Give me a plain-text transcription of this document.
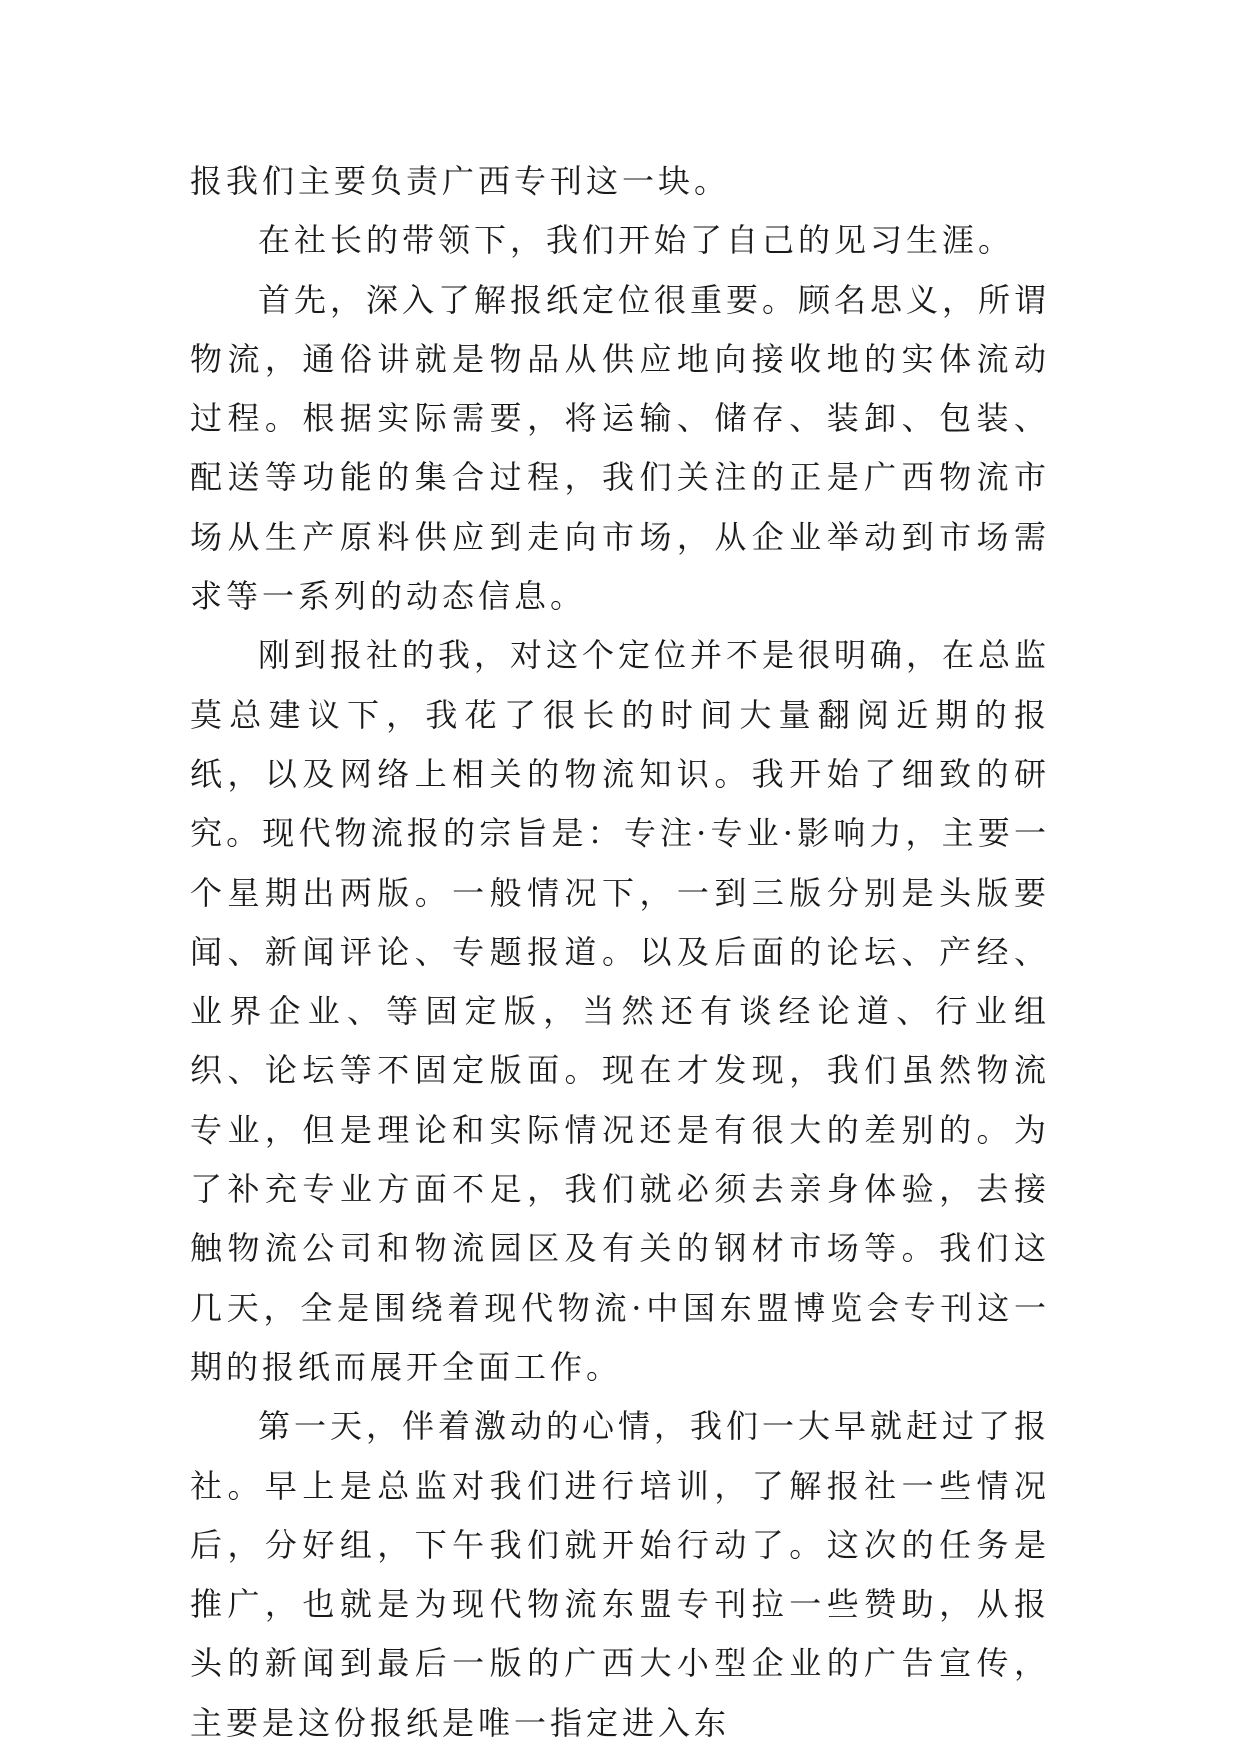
报我们主要负责广西专刊这一块。

在社长的带领下，我们开始了自己的见习生涯。

首先，深入了解报纸定位很重要。顾名思义，所谓物流，通俗讲就是物品从供应地向接收地的实体流动过程。根据实际需要，将运输、储存、装卸、包装、配送等功能的集合过程，我们关注的正是广西物流市场从生产原料供应到走向市场，从企业举动到市场需求等一系列的动态信息。

刚到报社的我，对这个定位并不是很明确，在总监莫总建议下，我花了很长的时间大量翻阅近期的报纸，以及网络上相关的物流知识。我开始了细致的研究。现代物流报的宗旨是：专注·专业·影响力，主要一个星期出两版。一般情况下，一到三版分别是头版要闻、新闻评论、专题报道。以及后面的论坛、产经、业界企业、等固定版，当然还有谈经论道、行业组织、论坛等不固定版面。现在才发现，我们虽然物流专业，但是理论和实际情况还是有很大的差别的。为了补充专业方面不足，我们就必须去亲身体验，去接触物流公司和物流园区及有关的钢材市场等。我们这几天，全是围绕着现代物流·中国东盟博览会专刊这一期的报纸而展开全面工作。

第一天，伴着激动的心情，我们一大早就赶过了报社。早上是总监对我们进行培训，了解报社一些情况后，分好组，下午我们就开始行动了。这次的任务是推广，也就是为现代物流东盟专刊拉一些赞助，从报头的新闻到最后一版的广西大小型企业的广告宣传，主要是这份报纸是唯一指定进入东
